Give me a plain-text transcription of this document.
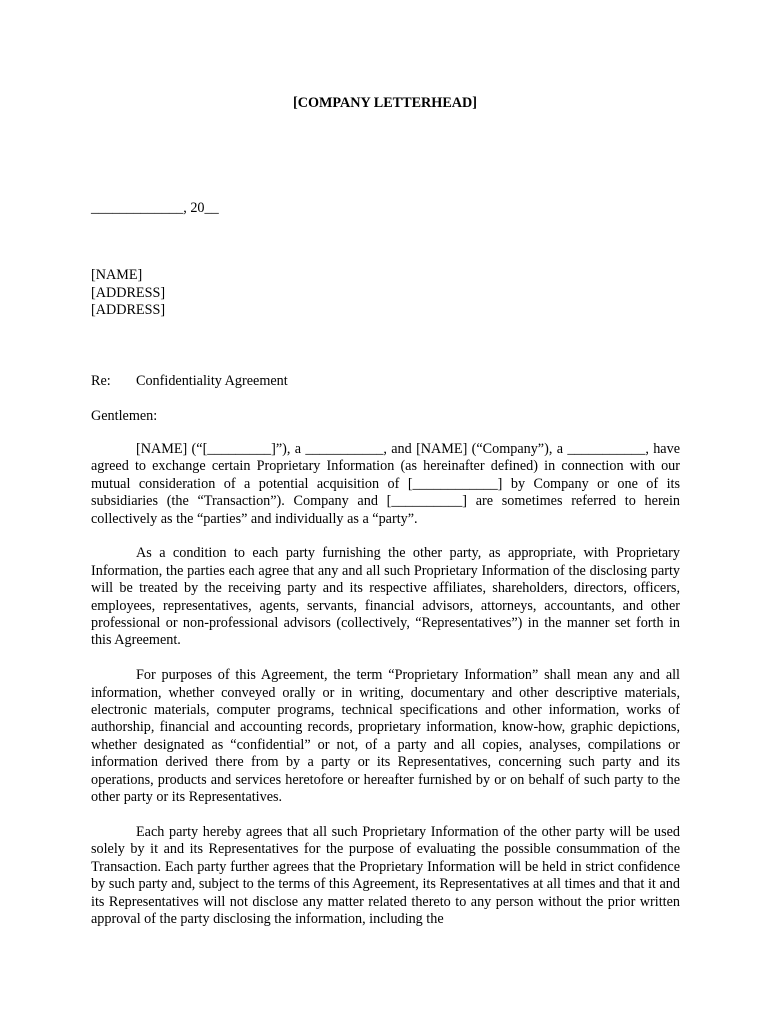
[COMPANY LETTERHEAD]
_____________, 20__
[NAME]
[ADDRESS]
[ADDRESS]
Re: Confidentiality Agreement
Gentlemen:

[NAME] (“[_________]”), a ___________, and [NAME] (“Company”), a ___________, have agreed to exchange certain Proprietary Information (as hereinafter defined) in connection with our mutual consideration of a potential acquisition of [____________] by Company or one of its subsidiaries (the “Transaction”). Company and [__________] are sometimes referred to herein collectively as the “parties” and individually as a “party”.

As a condition to each party furnishing the other party, as appropriate, with Proprietary Information, the parties each agree that any and all such Proprietary Information of the disclosing party will be treated by the receiving party and its respective affiliates, shareholders, directors, officers, employees, representatives, agents, servants, financial advisors, attorneys, accountants, and other professional or non-professional advisors (collectively, “Representatives”) in the manner set forth in this Agreement.

For purposes of this Agreement, the term “Proprietary Information” shall mean any and all information, whether conveyed orally or in writing, documentary and other descriptive materials, electronic materials, computer programs, technical specifications and other information, works of authorship, financial and accounting records, proprietary information, know-how, graphic depictions, whether designated as “confidential” or not, of a party and all copies, analyses, compilations or information derived there from by a party or its Representatives, concerning such party and its operations, products and services heretofore or hereafter furnished by or on behalf of such party to the other party or its Representatives.

Each party hereby agrees that all such Proprietary Information of the other party will be used solely by it and its Representatives for the purpose of evaluating the possible consummation of the Transaction. Each party further agrees that the Proprietary Information will be held in strict confidence by such party and, subject to the terms of this Agreement, its Representatives at all times and that it and its Representatives will not disclose any matter related thereto to any person without the prior written approval of the party disclosing the information, including the
